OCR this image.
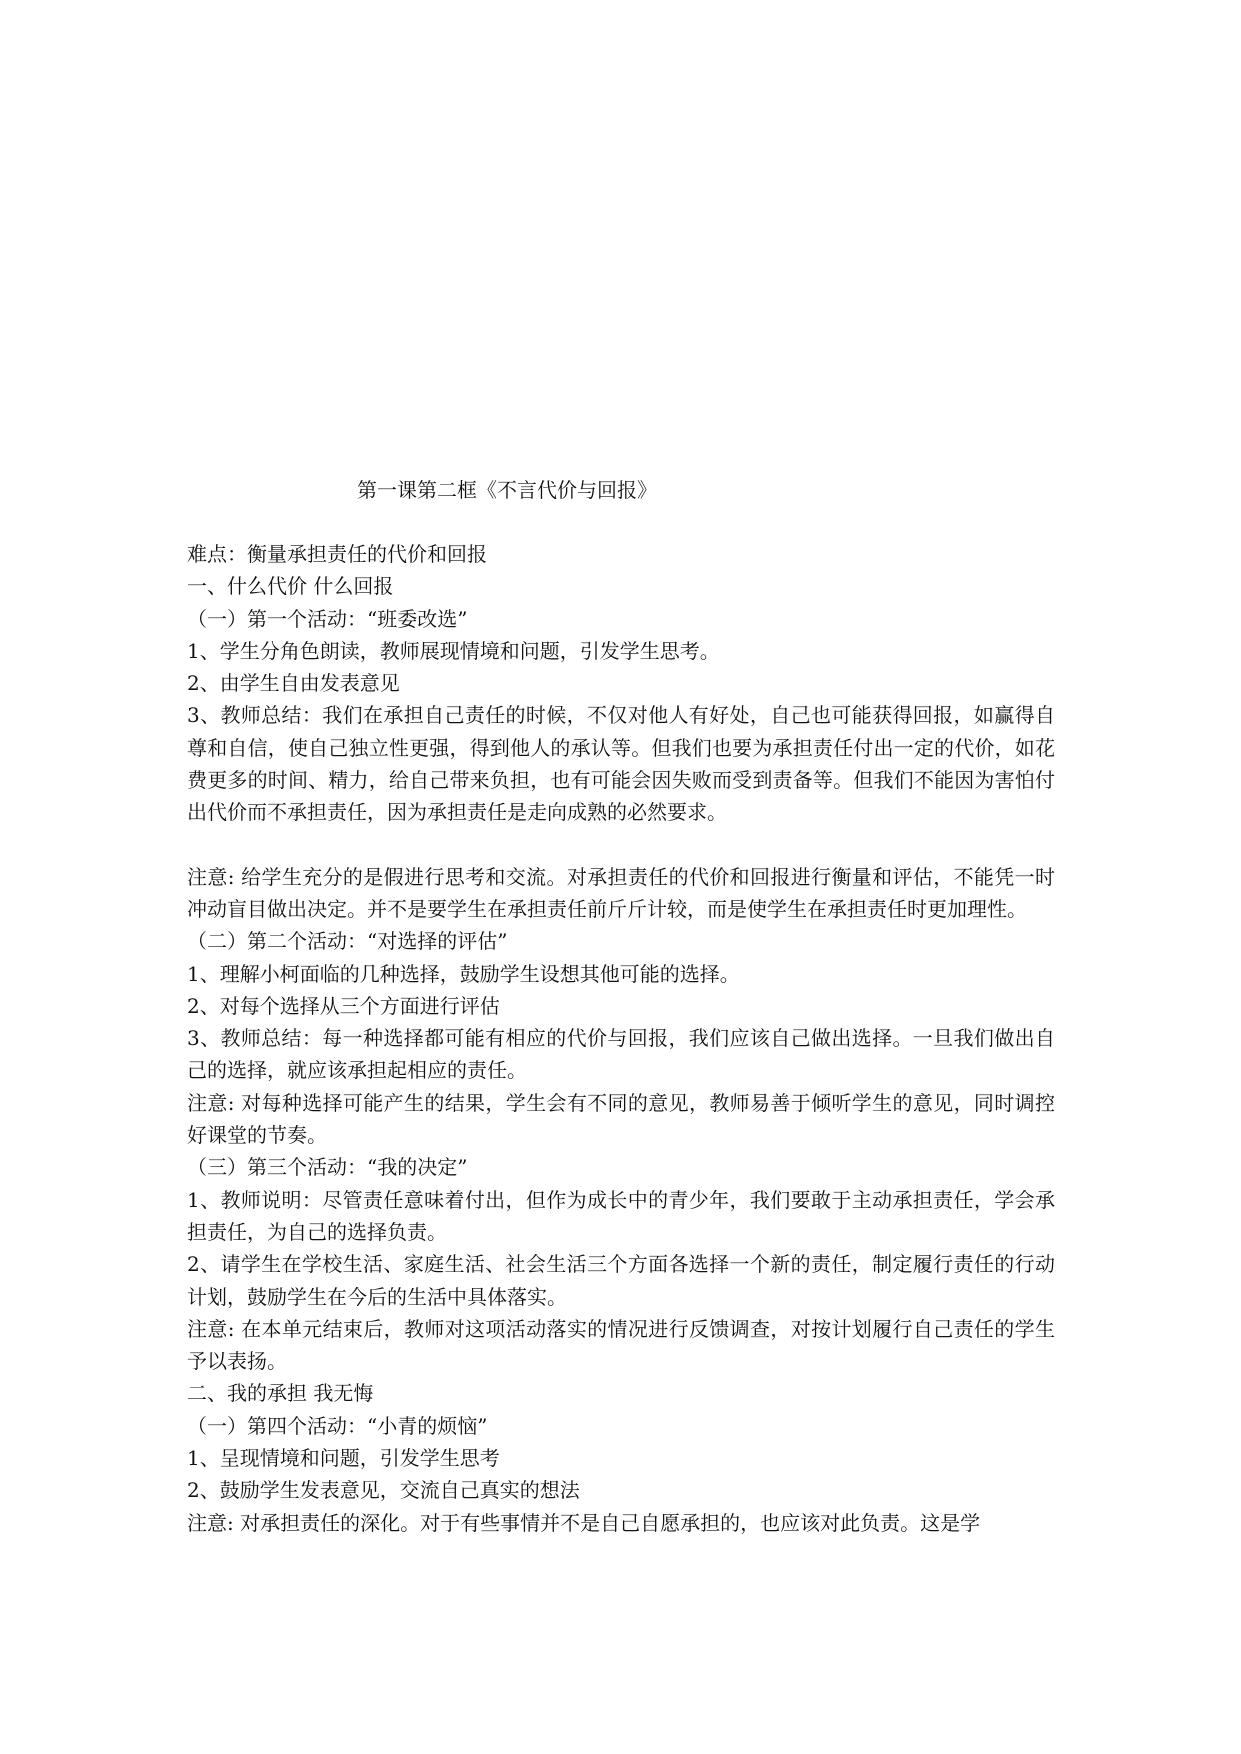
第一课第二框《不言代价与回报》

难点：衡量承担责任的代价和回报

一、什么代价 什么回报

（一）第一个活动：“班委改选”

1、学生分角色朗读，教师展现情境和问题，引发学生思考。

2、由学生自由发表意见

3、教师总结：我们在承担自己责任的时候，不仅对他人有好处，自己也可能获得回报，如赢得自尊和自信，使自己独立性更强，得到他人的承认等。但我们也要为承担责任付出一定的代价，如花费更多的时间、精力，给自己带来负担，也有可能会因失败而受到责备等。但我们不能因为害怕付出代价而不承担责任，因为承担责任是走向成熟的必然要求。

注意: 给学生充分的是假进行思考和交流。对承担责任的代价和回报进行衡量和评估，不能凭一时冲动盲目做出决定。并不是要学生在承担责任前斤斤计较，而是使学生在承担责任时更加理性。

（二）第二个活动：“对选择的评估”

1、理解小柯面临的几种选择，鼓励学生设想其他可能的选择。

2、对每个选择从三个方面进行评估

3、教师总结：每一种选择都可能有相应的代价与回报，我们应该自己做出选择。一旦我们做出自己的选择，就应该承担起相应的责任。

注意: 对每种选择可能产生的结果，学生会有不同的意见，教师易善于倾听学生的意见，同时调控好课堂的节奏。

（三）第三个活动：“我的决定”

1、教师说明：尽管责任意味着付出，但作为成长中的青少年，我们要敢于主动承担责任，学会承担责任，为自己的选择负责。

2、请学生在学校生活、家庭生活、社会生活三个方面各选择一个新的责任，制定履行责任的行动计划，鼓励学生在今后的生活中具体落实。

注意: 在本单元结束后，教师对这项活动落实的情况进行反馈调查，对按计划履行自己责任的学生予以表扬。

二、我的承担 我无悔

（一）第四个活动：“小青的烦恼”

1、呈现情境和问题，引发学生思考

2、鼓励学生发表意见，交流自己真实的想法

注意: 对承担责任的深化。对于有些事情并不是自己自愿承担的，也应该对此负责。这是学
